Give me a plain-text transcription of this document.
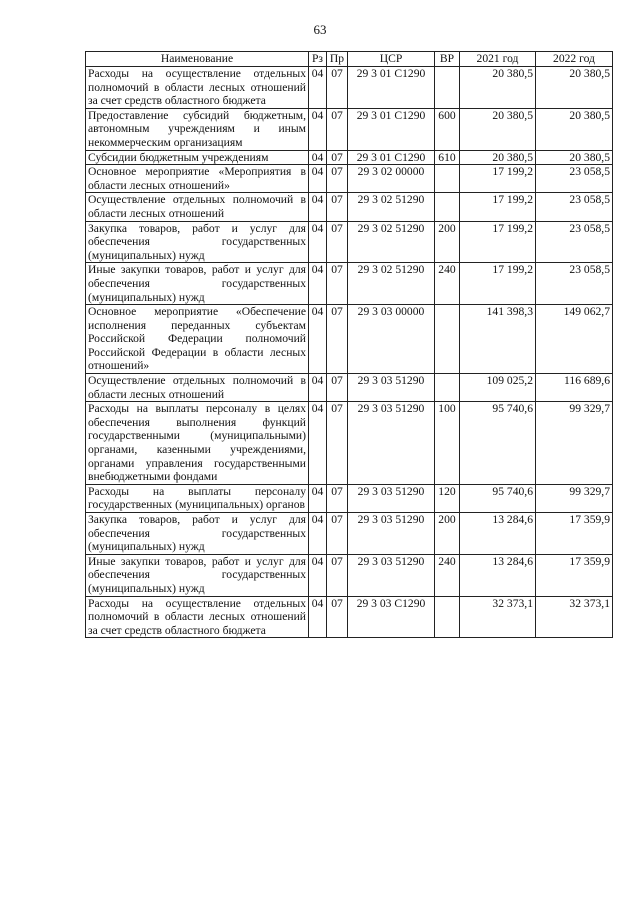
63
Наименование	Рз	Пр	ЦСР	ВР	2021 год	2022 год
Расходы на осуществление отдельных полномочий в области лесных отношений за счет средств областного бюджета	04	07	29 3 01 С1290		20 380,5	20 380,5
Предоставление субсидий бюджетным, автономным учреждениям и иным некоммерческим организациям	04	07	29 3 01 С1290	600	20 380,5	20 380,5
Субсидии бюджетным учреждениям	04	07	29 3 01 С1290	610	20 380,5	20 380,5
Основное мероприятие «Мероприятия в области лесных отношений»	04	07	29 3 02 00000		17 199,2	23 058,5
Осуществление отдельных полномочий в области лесных отношений	04	07	29 3 02 51290		17 199,2	23 058,5
Закупка товаров, работ и услуг для обеспечения государственных (муниципальных) нужд	04	07	29 3 02 51290	200	17 199,2	23 058,5
Иные закупки товаров, работ и услуг для обеспечения государственных (муниципальных) нужд	04	07	29 3 02 51290	240	17 199,2	23 058,5
Основное мероприятие «Обеспечение исполнения переданных субъектам Российской Федерации полномочий Российской Федерации в области лесных отношений»	04	07	29 3 03 00000		141 398,3	149 062,7
Осуществление отдельных полномочий в области лесных отношений	04	07	29 3 03 51290		109 025,2	116 689,6
Расходы на выплаты персоналу в целях обеспечения выполнения функций государственными (муниципальными) органами, казенными учреждениями, органами управления государственными внебюджетными фондами	04	07	29 3 03 51290	100	95 740,6	99 329,7
Расходы на выплаты персоналу государственных (муниципальных) органов	04	07	29 3 03 51290	120	95 740,6	99 329,7
Закупка товаров, работ и услуг для обеспечения государственных (муниципальных) нужд	04	07	29 3 03 51290	200	13 284,6	17 359,9
Иные закупки товаров, работ и услуг для обеспечения государственных (муниципальных) нужд	04	07	29 3 03 51290	240	13 284,6	17 359,9
Расходы на осуществление отдельных полномочий в области лесных отношений за счет средств областного бюджета	04	07	29 3 03 С1290		32 373,1	32 373,1
